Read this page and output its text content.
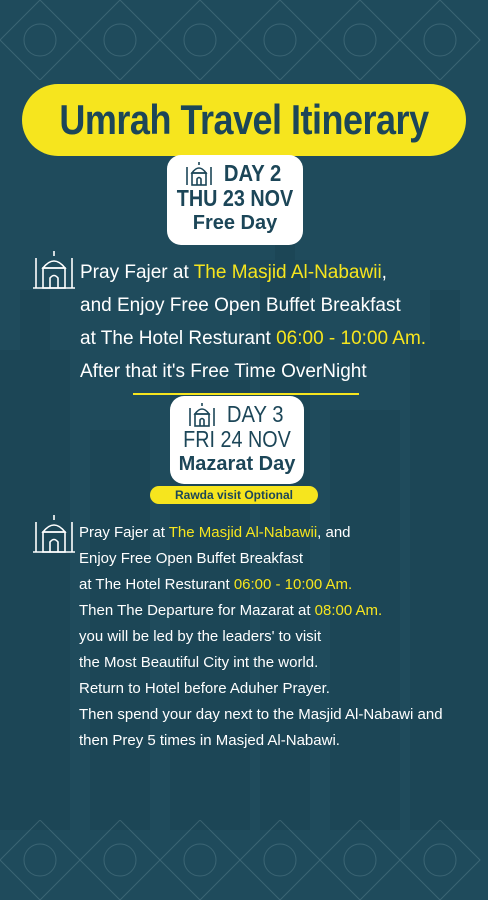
Umrah Travel Itinerary
DAY 2
THU 23 NOV
Free Day
Pray Fajer at The Masjid Al-Nabawii,
and Enjoy Free Open Buffet Breakfast
at The Hotel Resturant 06:00 - 10:00 Am.
After that it's Free Time OverNight
DAY 3
FRI 24 NOV
Mazarat Day
Rawda visit Optional
Pray Fajer at The Masjid Al-Nabawii, and
Enjoy Free Open Buffet Breakfast
at The Hotel Resturant 06:00 - 10:00 Am.
Then The Departure for Mazarat at 08:00 Am.
you will be led by the leaders' to visit
the Most Beautiful City int the world.
Return to Hotel before Aduher Prayer.
Then spend your day next to the Masjid Al-Nabawi and
then Prey 5 times in Masjed Al-Nabawi.
